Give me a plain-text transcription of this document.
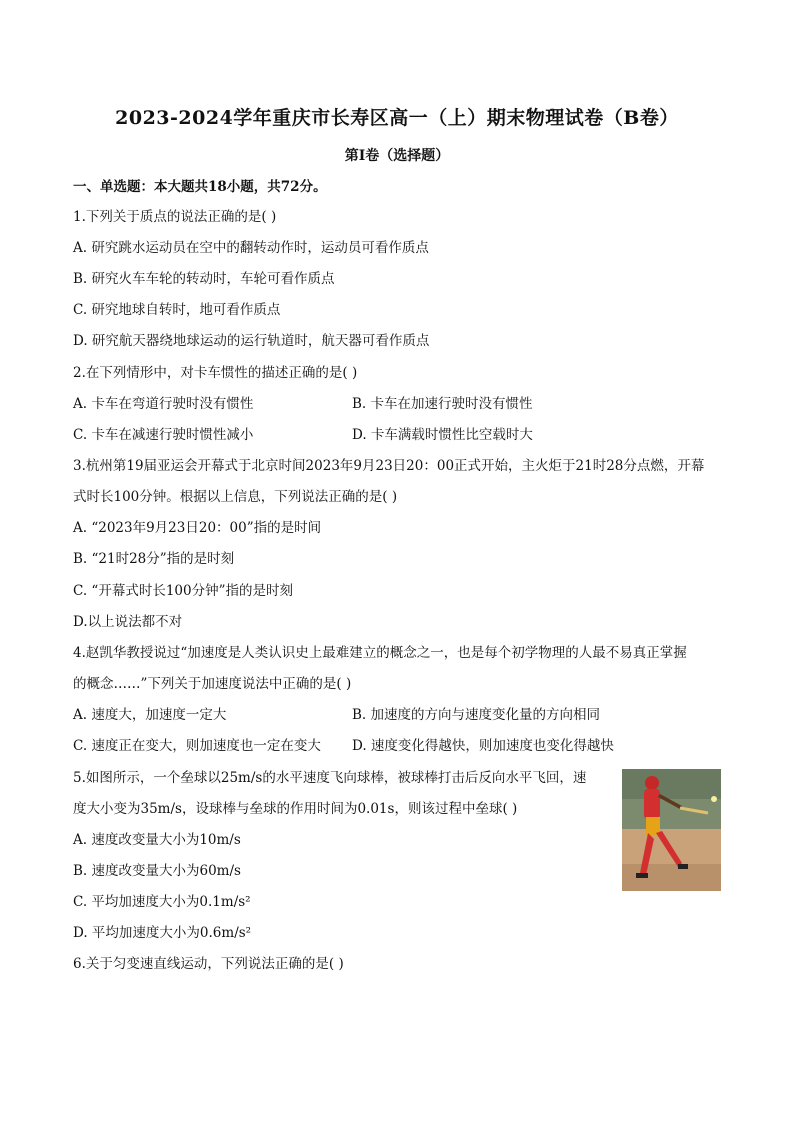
2023-2024学年重庆市长寿区高一（上）期末物理试卷（B卷）
第I卷（选择题）
一、单选题：本大题共18小题，共72分。
1.下列关于质点的说法正确的是( )
A. 研究跳水运动员在空中的翻转动作时，运动员可看作质点
B. 研究火车车轮的转动时，车轮可看作质点
C. 研究地球自转时，地可看作质点
D. 研究航天器绕地球运动的运行轨道时，航天器可看作质点
2.在下列情形中，对卡车惯性的描述正确的是( )
A. 卡车在弯道行驶时没有惯性	B. 卡车在加速行驶时没有惯性
C. 卡车在减速行驶时惯性减小	D. 卡车满载时惯性比空载时大
3.杭州第19届亚运会开幕式于北京时间2023年9月23日20：00正式开始，主火炬于21时28分点燃，开幕
式时长100分钟。根据以上信息，下列说法正确的是( )
A. “2023年9月23日20：00”指的是时间
B. “21时28分”指的是时刻
C. “开幕式时长100分钟”指的是时刻
D.以上说法都不对
4.赵凯华教授说过“加速度是人类认识史上最难建立的概念之一，也是每个初学物理的人最不易真正掌握
的概念……”下列关于加速度说法中正确的是( )
A. 速度大，加速度一定大	B. 加速度的方向与速度变化量的方向相同
C. 速度正在变大，则加速度也一定在变大 D. 速度变化得越快，则加速度也变化得越快
5.如图所示，一个垒球以25m/s的水平速度飞向球棒，被球棒打击后反向水平飞回，速
度大小变为35m/s，设球棒与垒球的作用时间为0.01s，则该过程中垒球( )
A. 速度改变量大小为10m/s
B. 速度改变量大小为60m/s
C. 平均加速度大小为0.1m/s²
D. 平均加速度大小为0.6m/s²
6.关于匀变速直线运动，下列说法正确的是( )
